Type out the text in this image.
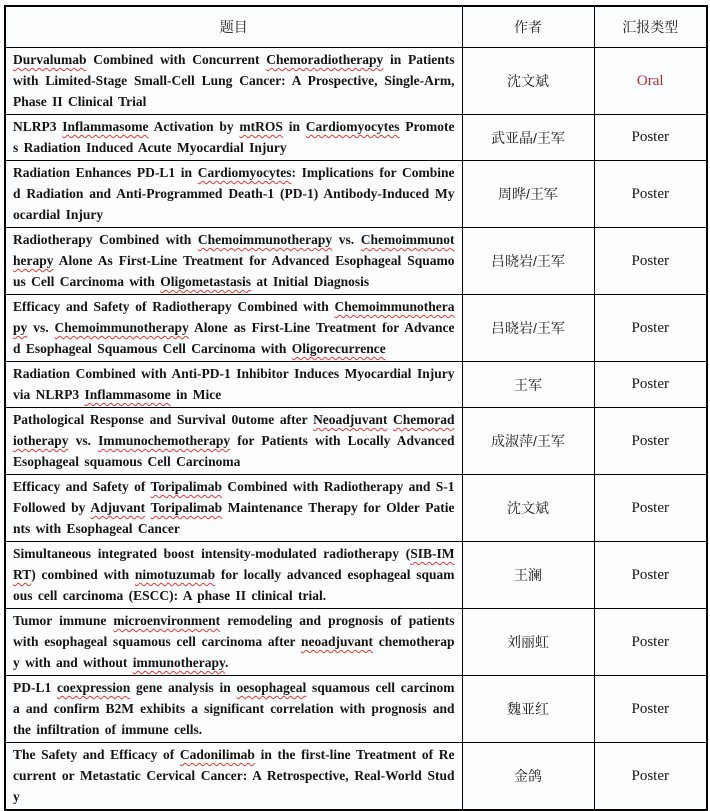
题目	作者	汇报类型
Durvalumab Combined with Concurrent Chemoradiotherapy in Patients with Limited-Stage Small-Cell Lung Cancer: A Prospective, Single-Arm, Phase II Clinical Trial	沈文斌	Oral
NLRP3 Inflammasome Activation by mtROS in Cardiomyocytes Promotes Radiation Induced Acute Myocardial Injury	武亚晶/王军	Poster
Radiation Enhances PD-L1 in Cardiomyocytes: Implications for Combined Radiation and Anti-Programmed Death-1 (PD-1) Antibody-Induced Myocardial Injury	周晔/王军	Poster
Radiotherapy Combined with Chemoimmunotherapy vs. Chemoimmunotherapy Alone As First-Line Treatment for Advanced Esophageal Squamous Cell Carcinoma with Oligometastasis at Initial Diagnosis	吕晓岩/王军	Poster
Efficacy and Safety of Radiotherapy Combined with Chemoimmunotherapy vs. Chemoimmunotherapy Alone as First-Line Treatment for Advanced Esophageal Squamous Cell Carcinoma with Oligorecurrence	吕晓岩/王军	Poster
Radiation Combined with Anti-PD-1 Inhibitor Induces Myocardial Injury via NLRP3 Inflammasome in Mice	王军	Poster
Pathological Response and Survival 0utome after Neoadjuvant Chemoradiotherapy vs. Immunochemotherapy for Patients with Locally Advanced Esophageal squamous Cell Carcinoma	成淑萍/王军	Poster
Efficacy and Safety of Toripalimab Combined with Radiotherapy and S-1 Followed by Adjuvant Toripalimab Maintenance Therapy for Older Patients with Esophageal Cancer	沈文斌	Poster
Simultaneous integrated boost intensity-modulated radiotherapy (SIB-IMRT) combined with nimotuzumab for locally advanced esophageal squamous cell carcinoma (ESCC): A phase II clinical trial.	王澜	Poster
Tumor immune microenvironment remodeling and prognosis of patients with esophageal squamous cell carcinoma after neoadjuvant chemotherapy with and without immunotherapy.	刘丽虹	Poster
PD-L1 coexpression gene analysis in oesophageal squamous cell carcinoma and confirm B2M exhibits a significant correlation with prognosis and the infiltration of immune cells.	魏亚红	Poster
The Safety and Efficacy of Cadonilimab in the first-line Treatment of Recurrent or Metastatic Cervical Cancer: A Retrospective, Real-World Study	金鸽	Poster
